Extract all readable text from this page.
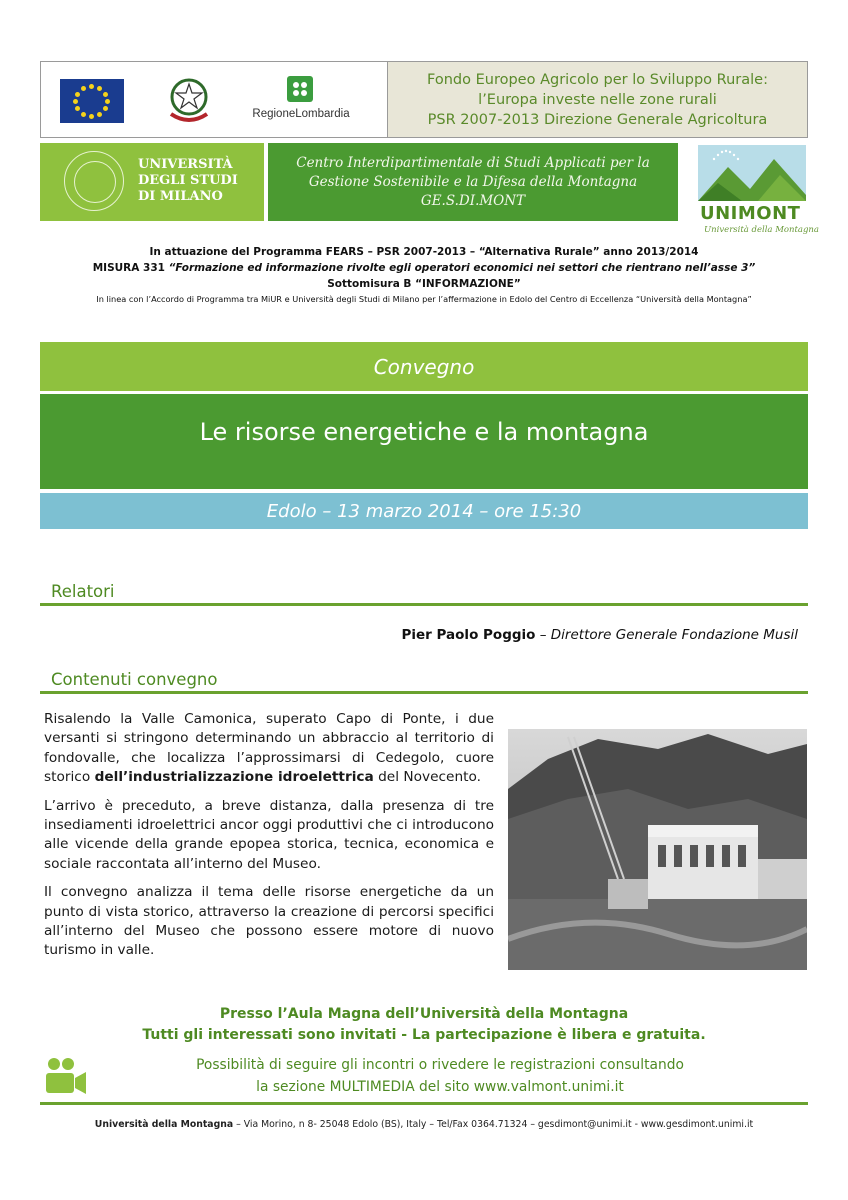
RegioneLombardia
Fondo Europeo Agricolo per lo Sviluppo Rurale:
l’Europa investe nelle zone rurali
PSR 2007-2013 Direzione Generale Agricoltura
UNIVERSITÀ
DEGLI STUDI
DI MILANO
Centro Interdipartimentale di Studi Applicati per la
Gestione Sostenibile e la Difesa della Montagna
GE.S.DI.MONT
UNIMONT
Università della Montagna
In attuazione del Programma FEARS – PSR 2007-2013 – “Alternativa Rurale” anno 2013/2014
MISURA 331 “Formazione ed informazione rivolte egli operatori economici nei settori che rientrano nell’asse 3”
Sottomisura B “INFORMAZIONE”
In linea con l’Accordo di Programma tra MiUR e Università degli Studi di Milano per l’affermazione in Edolo del Centro di Eccellenza “Università della Montagna”
Convegno
Le risorse energetiche e la montagna
Edolo – 13 marzo 2014 – ore 15:30
Relatori
Pier Paolo Poggio – Direttore Generale Fondazione Musil
Contenuti convegno

Risalendo la Valle Camonica, superato Capo di Ponte, i due versanti si stringono determinando un abbraccio al territorio di fondovalle, che localizza l’approssimarsi di Cedegolo, cuore storico dell’industrializzazione idroelettrica del Novecento.

L’arrivo è preceduto, a breve distanza, dalla presenza di tre insediamenti idroelettrici ancor oggi produttivi che ci introducono alle vicende della grande epopea storica, tecnica, economica e sociale raccontata all’interno del Museo.

Il convegno analizza il tema delle risorse energetiche da un punto di vista storico, attraverso la creazione di percorsi specifici all’interno del Museo che possono essere motore di nuovo turismo in valle.

Presso l’Aula Magna dell’Università della Montagna
Tutti gli interessati sono invitati - La partecipazione è libera e gratuita.
Possibilità di seguire gli incontri o rivedere le registrazioni consultando
la sezione MULTIMEDIA del sito www.valmont.unimi.it
Università della Montagna – Via Morino, n 8- 25048 Edolo (BS), Italy – Tel/Fax 0364.71324 – gesdimont@unimi.it - www.gesdimont.unimi.it
